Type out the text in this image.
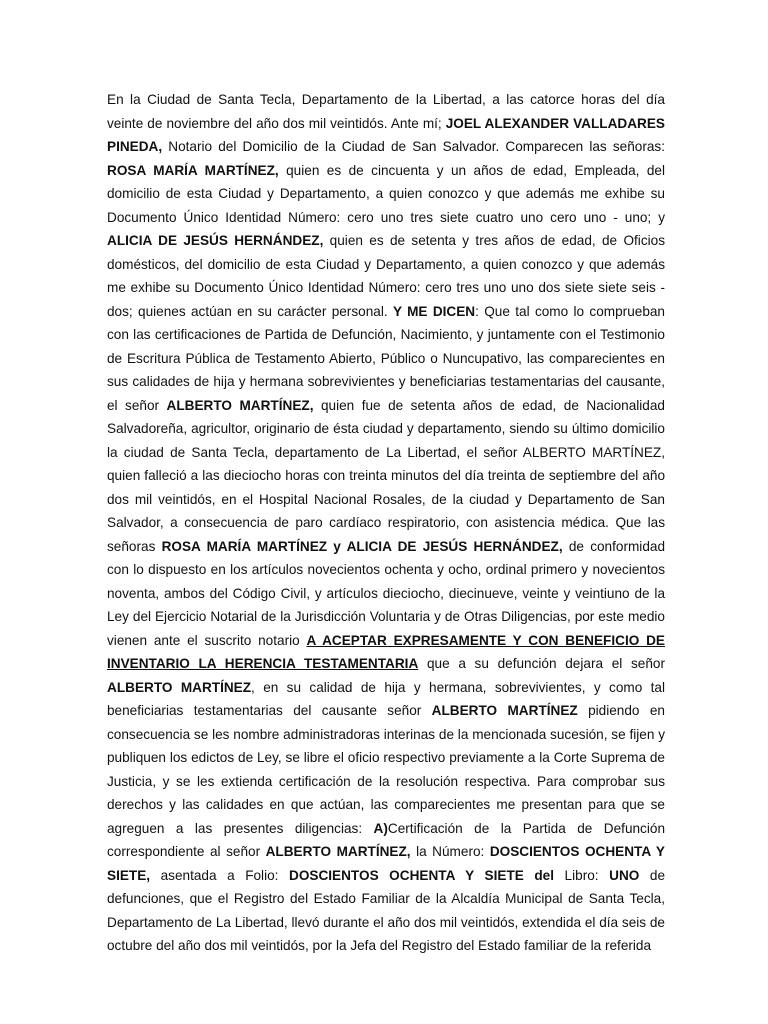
En la Ciudad de Santa Tecla, Departamento de la Libertad, a las catorce horas del día veinte de noviembre del año dos mil veintidós. Ante mí; JOEL ALEXANDER VALLADARES PINEDA, Notario del Domicilio de la Ciudad de San Salvador. Comparecen las señoras: ROSA MARÍA MARTÍNEZ, quien es de cincuenta y un años de edad, Empleada, del domicilio de esta Ciudad y Departamento, a quien conozco y que además me exhibe su Documento Único Identidad Número: cero uno tres siete cuatro uno cero uno - uno; y ALICIA DE JESÚS HERNÁNDEZ, quien es de setenta y tres años de edad, de Oficios domésticos, del domicilio de esta Ciudad y Departamento, a quien conozco y que además me exhibe su Documento Único Identidad Número: cero tres uno uno dos siete siete seis - dos; quienes actúan en su carácter personal. Y ME DICEN: Que tal como lo comprueban con las certificaciones de Partida de Defunción, Nacimiento, y juntamente con el Testimonio de Escritura Pública de Testamento Abierto, Público o Nuncupativo, las comparecientes en sus calidades de hija y hermana sobrevivientes y beneficiarias testamentarias del causante, el señor ALBERTO MARTÍNEZ, quien fue de setenta años de edad, de Nacionalidad Salvadoreña, agricultor, originario de ésta ciudad y departamento, siendo su último domicilio la ciudad de Santa Tecla, departamento de La Libertad, el señor ALBERTO MARTÍNEZ, quien falleció a las dieciocho horas con treinta minutos del día treinta de septiembre del año dos mil veintidós, en el Hospital Nacional Rosales, de la ciudad y Departamento de San Salvador, a consecuencia de paro cardíaco respiratorio, con asistencia médica. Que las señoras ROSA MARÍA MARTÍNEZ y ALICIA DE JESÚS HERNÁNDEZ, de conformidad con lo dispuesto en los artículos novecientos ochenta y ocho, ordinal primero y novecientos noventa, ambos del Código Civil, y artículos dieciocho, diecinueve, veinte y veintiuno de la Ley del Ejercicio Notarial de la Jurisdicción Voluntaria y de Otras Diligencias, por este medio vienen ante el suscrito notario A ACEPTAR EXPRESAMENTE Y CON BENEFICIO DE INVENTARIO LA HERENCIA TESTAMENTARIA que a su defunción dejara el señor ALBERTO MARTÍNEZ, en su calidad de hija y hermana, sobrevivientes, y como tal beneficiarias testamentarias del causante señor ALBERTO MARTÍNEZ pidiendo en consecuencia se les nombre administradoras interinas de la mencionada sucesión, se fijen y publiquen los edictos de Ley, se libre el oficio respectivo previamente a la Corte Suprema de Justicia, y se les extienda certificación de la resolución respectiva. Para comprobar sus derechos y las calidades en que actúan, las comparecientes me presentan para que se agreguen a las presentes diligencias: A)Certificación de la Partida de Defunción correspondiente al señor ALBERTO MARTÍNEZ, la Número: DOSCIENTOS OCHENTA Y SIETE, asentada a Folio: DOSCIENTOS OCHENTA Y SIETE del Libro: UNO de defunciones, que el Registro del Estado Familiar de la Alcaldía Municipal de Santa Tecla, Departamento de La Libertad, llevó durante el año dos mil veintidós, extendida el día seis de octubre del año dos mil veintidós, por la Jefa del Registro del Estado familiar de la referida
